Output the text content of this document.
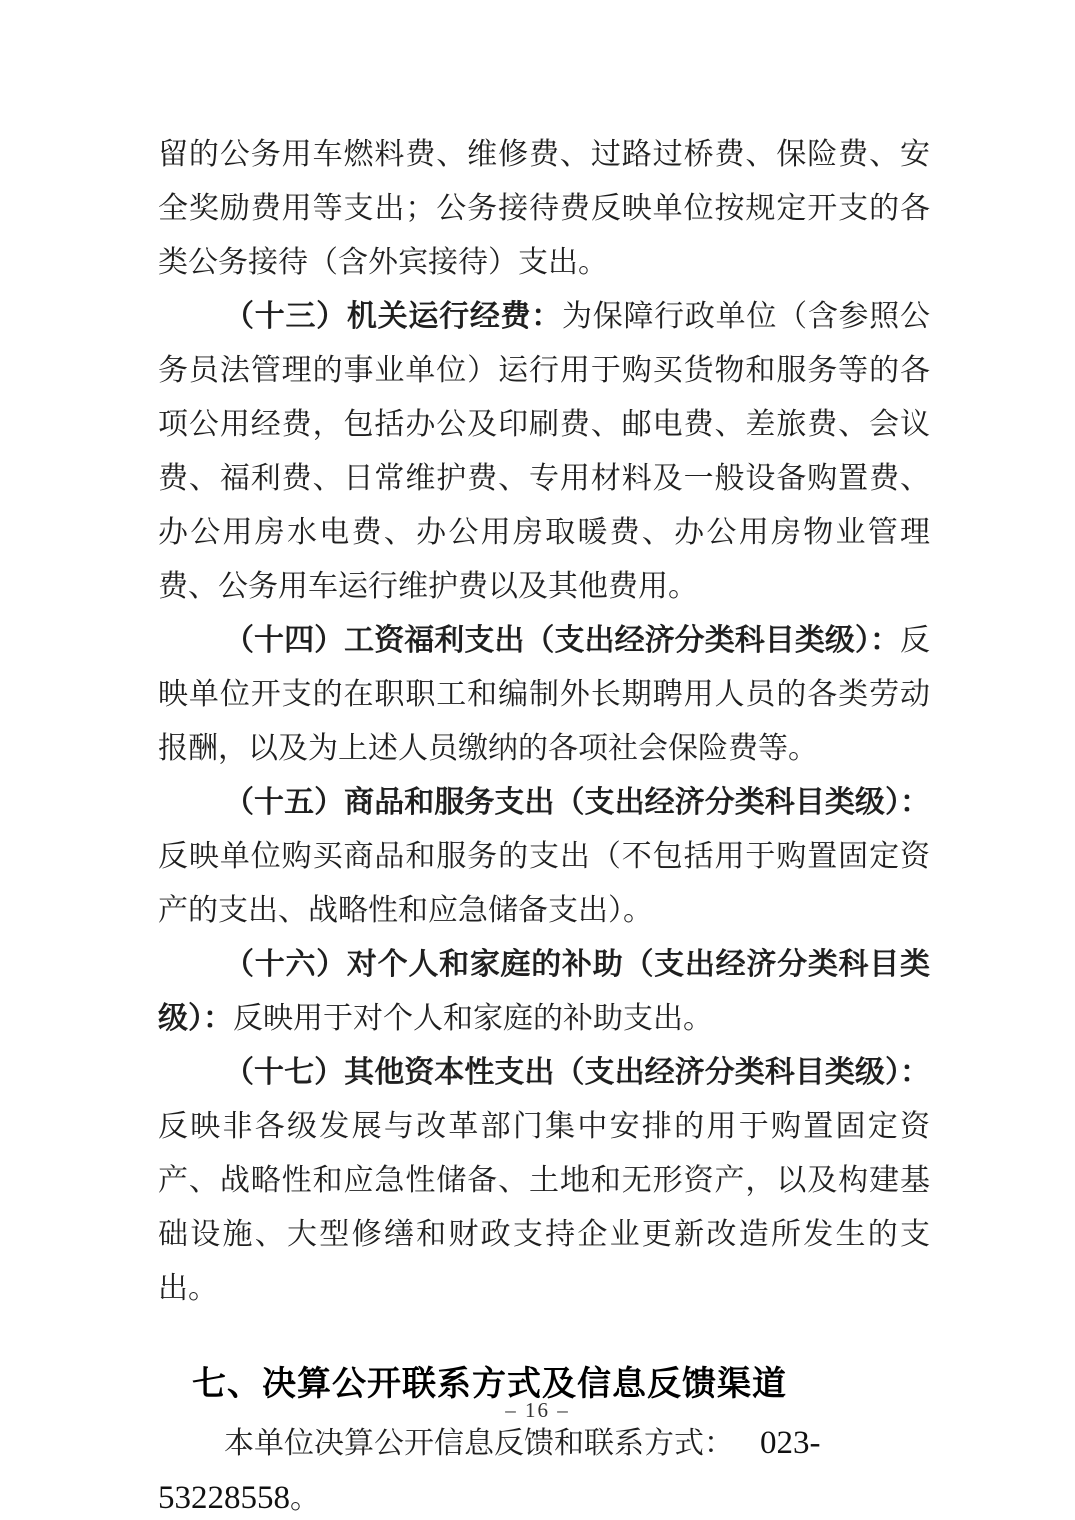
留的公务用车燃料费、维修费、过路过桥费、保险费、安全奖励费用等支出；公务接待费反映单位按规定开支的各类公务接待（含外宾接待）支出。

（十三）机关运行经费：为保障行政单位（含参照公务员法管理的事业单位）运行用于购买货物和服务等的各项公用经费，包括办公及印刷费、邮电费、差旅费、会议费、福利费、日常维护费、专用材料及一般设备购置费、办公用房水电费、办公用房取暖费、办公用房物业管理费、公务用车运行维护费以及其他费用。

（十四）工资福利支出（支出经济分类科目类级）：反映单位开支的在职职工和编制外长期聘用人员的各类劳动报酬，以及为上述人员缴纳的各项社会保险费等。

（十五）商品和服务支出（支出经济分类科目类级）：反映单位购买商品和服务的支出（不包括用于购置固定资产的支出、战略性和应急储备支出）。

（十六）对个人和家庭的补助（支出经济分类科目类级）：反映用于对个人和家庭的补助支出。

（十七）其他资本性支出（支出经济分类科目类级）：反映非各级发展与改革部门集中安排的用于购置固定资产、战略性和应急性储备、土地和无形资产，以及构建基础设施、大型修缮和财政支持企业更新改造所发生的支出。

七、决算公开联系方式及信息反馈渠道

本单位决算公开信息反馈和联系方式： 023-53228558。

– 16 –
